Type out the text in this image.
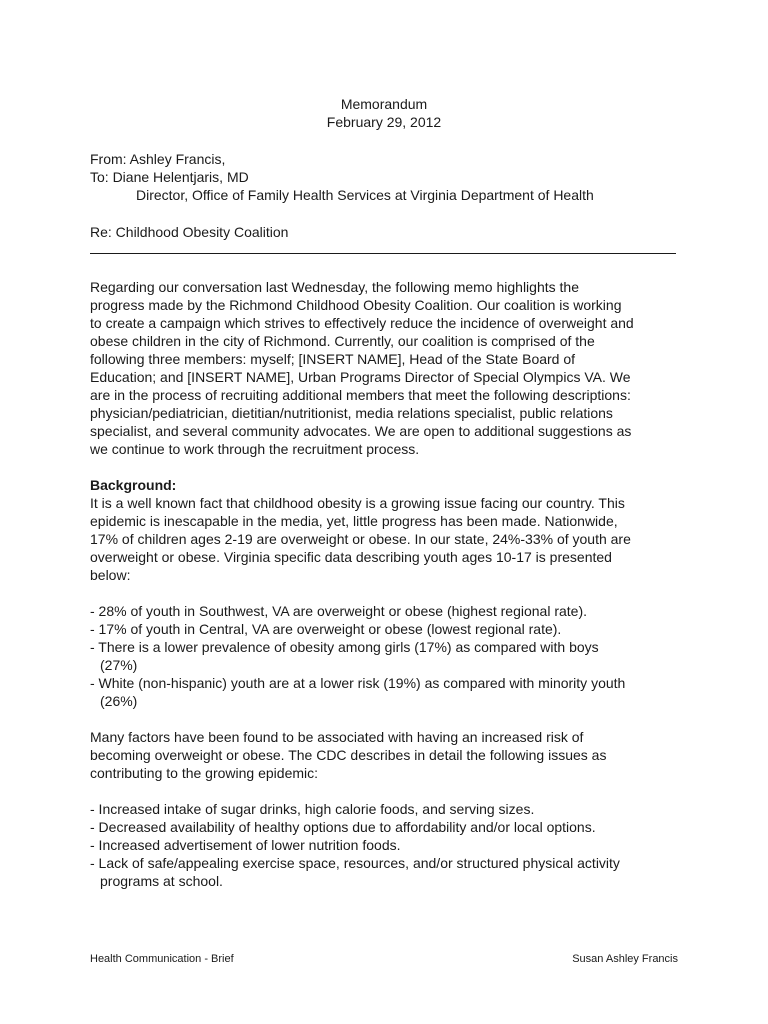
Memorandum
February 29, 2012
From: Ashley Francis,
To: Diane Helentjaris, MD
Director, Office of Family Health Services at Virginia Department of Health
Re: Childhood Obesity Coalition
Regarding our conversation last Wednesday, the following memo highlights the
progress made by the Richmond Childhood Obesity Coalition. Our coalition is working
to create a campaign which strives to effectively reduce the incidence of overweight and
obese children in the city of Richmond. Currently, our coalition is comprised of the
following three members: myself; [INSERT NAME], Head of the State Board of
Education; and [INSERT NAME], Urban Programs Director of Special Olympics VA. We
are in the process of recruiting additional members that meet the following descriptions:
physician/pediatrician, dietitian/nutritionist, media relations specialist, public relations
specialist, and several community advocates. We are open to additional suggestions as
we continue to work through the recruitment process.
Background:
It is a well known fact that childhood obesity is a growing issue facing our country. This
epidemic is inescapable in the media, yet, little progress has been made. Nationwide,
17% of children ages 2-19 are overweight or obese. In our state, 24%-33% of youth are
overweight or obese. Virginia specific data describing youth ages 10-17 is presented
below:
- 28% of youth in Southwest, VA are overweight or obese (highest regional rate).
- 17% of youth in Central, VA are overweight or obese (lowest regional rate).
- There is a lower prevalence of obesity among girls (17%) as compared with boys
(27%)
- White (non-hispanic) youth are at a lower risk (19%) as compared with minority youth
(26%)
Many factors have been found to be associated with having an increased risk of
becoming overweight or obese. The CDC describes in detail the following issues as
contributing to the growing epidemic:
- Increased intake of sugar drinks, high calorie foods, and serving sizes.
- Decreased availability of healthy options due to affordability and/or local options.
- Increased advertisement of lower nutrition foods.
- Lack of safe/appealing exercise space, resources, and/or structured physical activity
programs at school.
Health Communication - Brief	Susan Ashley Francis
